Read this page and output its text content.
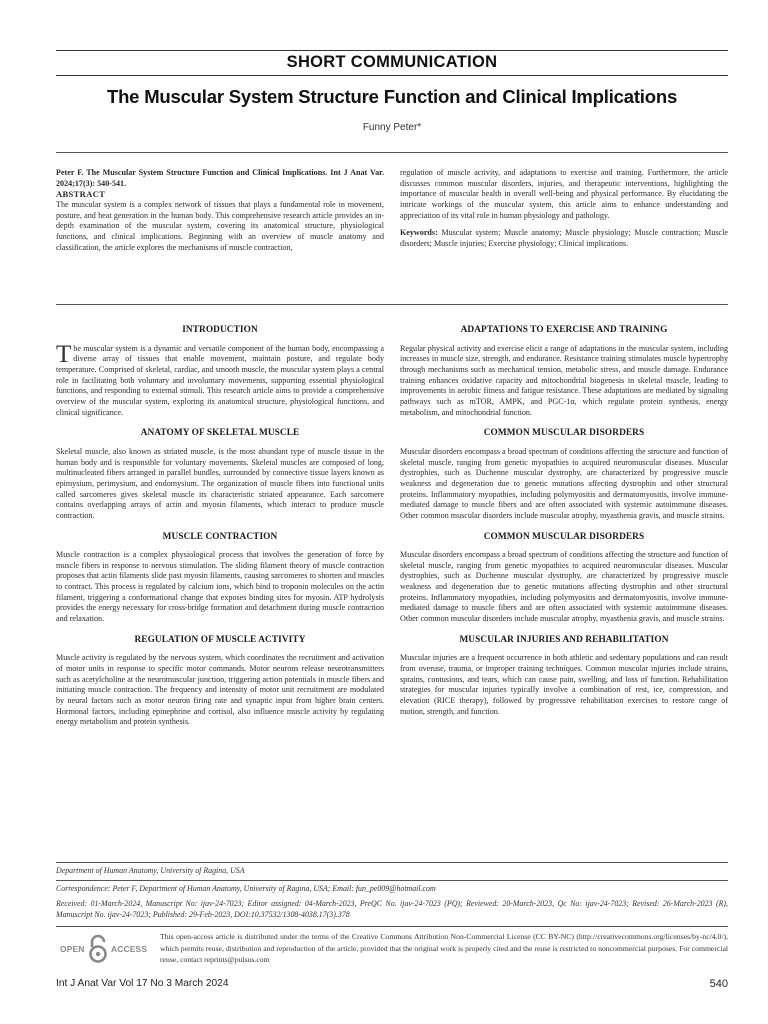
SHORT COMMUNICATION
The Muscular System Structure Function and Clinical Implications
Funny Peter*

Peter F. The Muscular System Structure Function and Clinical Implications. Int J Anat Var. 2024;17(3): 540-541.

ABSTRACT

The muscular system is a complex network of tissues that plays a fundamental role in movement, posture, and heat generation in the human body. This comprehensive research article provides an in-depth examination of the muscular system, covering its anatomical structure, physiological functions, and clinical implications. Beginning with an overview of muscle anatomy and classification, the article explores the mechanisms of muscle contraction,

regulation of muscle activity, and adaptations to exercise and training. Furthermore, the article discusses common muscular disorders, injuries, and therapeutic interventions, highlighting the importance of muscular health in overall well-being and physical performance. By elucidating the intricate workings of the muscular system, this article aims to enhance understanding and appreciation of its vital role in human physiology and pathology.

Keywords: Muscular system; Muscle anatomy; Muscle physiology; Muscle contraction; Muscle disorders; Muscle injuries; Exercise physiology; Clinical implications.

INTRODUCTION

The muscular system is a dynamic and versatile component of the human body, encompassing a diverse array of tissues that enable movement, maintain posture, and regulate body temperature. Comprised of skeletal, cardiac, and smooth muscle, the muscular system plays a central role in facilitating both voluntary and involuntary movements, supporting essential physiological functions, and responding to external stimuli. This research article aims to provide a comprehensive overview of the muscular system, exploring its anatomical structure, physiological functions, and clinical significance.

ANATOMY OF SKELETAL MUSCLE

Skeletal muscle, also known as striated muscle, is the most abundant type of muscle tissue in the human body and is responsible for voluntary movements. Skeletal muscles are composed of long, multinucleated fibers arranged in parallel bundles, surrounded by connective tissue layers known as epimysium, perimysium, and endomysium. The organization of muscle fibers into functional units called sarcomeres gives skeletal muscle its characteristic striated appearance. Each sarcomere contains overlapping arrays of actin and myosin filaments, which interact to produce muscle contraction.

MUSCLE CONTRACTION

Muscle contraction is a complex physiological process that involves the generation of force by muscle fibers in response to nervous stimulation. The sliding filament theory of muscle contraction proposes that actin filaments slide past myosin filaments, causing sarcomeres to shorten and muscles to contract. This process is regulated by calcium ions, which bind to troponin molecules on the actin filament, triggering a conformational change that exposes binding sites for myosin. ATP hydrolysis provides the energy necessary for cross-bridge formation and detachment during muscle contraction and relaxation.

REGULATION OF MUSCLE ACTIVITY

Muscle activity is regulated by the nervous system, which coordinates the recruitment and activation of motor units in response to specific motor commands. Motor neurons release neurotransmitters such as acetylcholine at the neuromuscular junction, triggering action potentials in muscle fibers and initiating muscle contraction. The frequency and intensity of motor unit recruitment are modulated by neural factors such as motor neuron firing rate and synaptic input from higher brain centers. Hormonal factors, including epinephrine and cortisol, also influence muscle activity by regulating energy metabolism and protein synthesis.

ADAPTATIONS TO EXERCISE AND TRAINING

Regular physical activity and exercise elicit a range of adaptations in the muscular system, including increases in muscle size, strength, and endurance. Resistance training stimulates muscle hypertrophy through mechanisms such as mechanical tension, metabolic stress, and muscle damage. Endurance training enhances oxidative capacity and mitochondrial biogenesis in skeletal muscle, leading to improvements in aerobic fitness and fatigue resistance. These adaptations are mediated by signaling pathways such as mTOR, AMPK, and PGC-1α, which regulate protein synthesis, energy metabolism, and mitochondrial function.

COMMON MUSCULAR DISORDERS

Muscular disorders encompass a broad spectrum of conditions affecting the structure and function of skeletal muscle, ranging from genetic myopathies to acquired neuromuscular diseases. Muscular dystrophies, such as Duchenne muscular dystrophy, are characterized by progressive muscle weakness and degeneration due to genetic mutations affecting dystrophin and other structural proteins. Inflammatory myopathies, including polymyositis and dermatomyositis, involve immune-mediated damage to muscle fibers and are often associated with systemic autoimmune diseases. Other common muscular disorders include muscular atrophy, myasthenia gravis, and muscle strains.

COMMON MUSCULAR DISORDERS

Muscular disorders encompass a broad spectrum of conditions affecting the structure and function of skeletal muscle, ranging from genetic myopathies to acquired neuromuscular diseases. Muscular dystrophies, such as Duchenne muscular dystrophy, are characterized by progressive muscle weakness and degeneration due to genetic mutations affecting dystrophin and other structural proteins. Inflammatory myopathies, including polymyositis and dermatomyositis, involve immune-mediated damage to muscle fibers and are often associated with systemic autoimmune diseases. Other common muscular disorders include muscular atrophy, myasthenia gravis, and muscle strains.

MUSCULAR INJURIES AND REHABILITATION

Muscular injuries are a frequent occurrence in both athletic and sedentary populations and can result from overuse, trauma, or improper training techniques. Common muscular injuries include strains, sprains, contusions, and tears, which can cause pain, swelling, and loss of function. Rehabilitation strategies for muscular injuries typically involve a combination of rest, ice, compression, and elevation (RICE therapy), followed by progressive rehabilitation exercises to restore range of motion, strength, and function.

Department of Human Anatomy, University of Ragina, USA
Correspondence: Peter F, Department of Human Anatomy, University of Ragina, USA; Email: fun_pe009@hotmail.com
Received: 01-March-2024, Manuscript No: ijav-24-7023; Editor assigned: 04-March-2023, PreQC No. ijav-24-7023 (PQ); Reviewed: 20-March-2023, Qc No: ijav-24-7023; Revised: 26-March-2023 (R), Manuscript No. ijav-24-7023; Published: 29-Feb-2023, DOI:10.37532/1308-4038.17(3).378
OPEN	ACCESS
This open-access article is distributed under the terms of the Creative Commons Attribution Non-Commercial License (CC BY-NC) (http://creativecommons.org/licenses/by-nc/4.0/), which permits reuse, distribution and reproduction of the article, provided that the original work is properly cited and the reuse is restricted to noncommercial purposes. For commercial reuse, contact reprints@pulsus.com
Int J Anat Var Vol 17 No 3 March 2024	540
